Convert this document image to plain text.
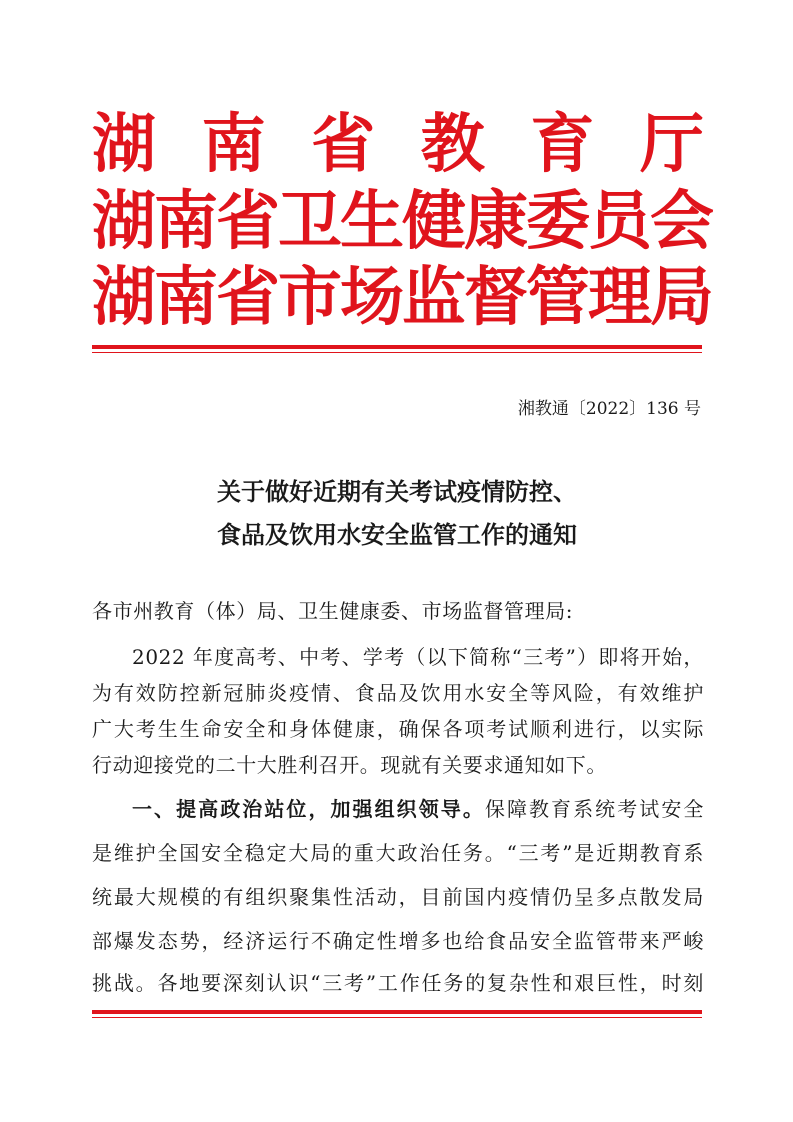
湖 南 省 教 育 厅
湖
南
省
卫
生
健
康
委
员
会
湖
南
省
市
场
监
督
管
理
局
湘教通〔2022〕136 号
关于做好近期有关考试疫情防控、
食品及饮用水安全监管工作的通知
各市州教育（体）局、卫生健康委、市场监督管理局:
2022 年度高考、中考、学考（以下简称“三考”）即将开始，
为有效防控新冠肺炎疫情、食品及饮用水安全等风险，有效维护
广大考生生命安全和身体健康，确保各项考试顺利进行，以实际
行动迎接党的二十大胜利召开。现就有关要求通知如下。
一、提高政治站位，加强组织领导。保障教育系统考试安全
是维护全国安全稳定大局的重大政治任务。“三考”是近期教育系
统最大规模的有组织聚集性活动，目前国内疫情仍呈多点散发局
部爆发态势，经济运行不确定性增多也给食品安全监管带来严峻
挑战。各地要深刻认识“三考”工作任务的复杂性和艰巨性，时刻
